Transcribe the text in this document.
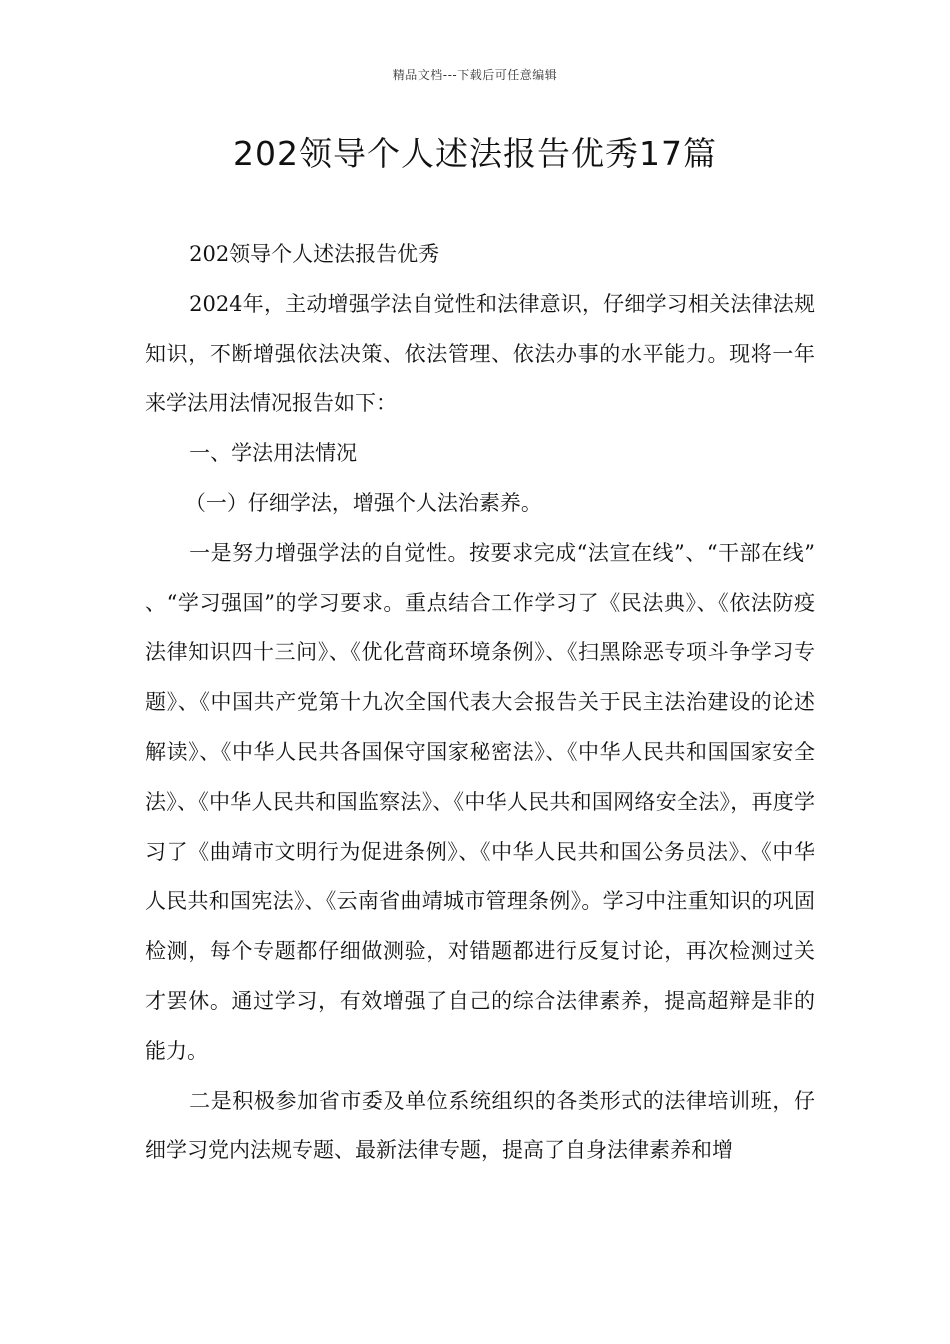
精品文档---下载后可任意编辑
202领导个人述法报告优秀17篇

202领导个人述法报告优秀

2024年，主动增强学法自觉性和法律意识，仔细学习相关法律法规知识，不断增强依法决策、依法管理、依法办事的水平能力。现将一年来学法用法情况报告如下：

一、学法用法情况

（一）仔细学法，增强个人法治素养。

一是努力增强学法的自觉性。按要求完成“法宣在线”、“干部在线”、“学习强国”的学习要求。重点结合工作学习了《民法典》、《依法防疫法律知识四十三问》、《优化营商环境条例》、《扫黑除恶专项斗争学习专题》、《中国共产党第十九次全国代表大会报告关于民主法治建设的论述解读》、《中华人民共各国保守国家秘密法》、《中华人民共和国国家安全法》、《中华人民共和国监察法》、《中华人民共和国网络安全法》，再度学习了《曲靖市文明行为促进条例》、《中华人民共和国公务员法》、《中华人民共和国宪法》、《云南省曲靖城市管理条例》。学习中注重知识的巩固检测，每个专题都仔细做测验，对错题都进行反复讨论，再次检测过关才罢休。通过学习，有效增强了自己的综合法律素养，提高超辩是非的能力。

二是积极参加省市委及单位系统组织的各类形式的法律培训班，仔细学习党内法规专题、最新法律专题，提高了自身法律素养和增
